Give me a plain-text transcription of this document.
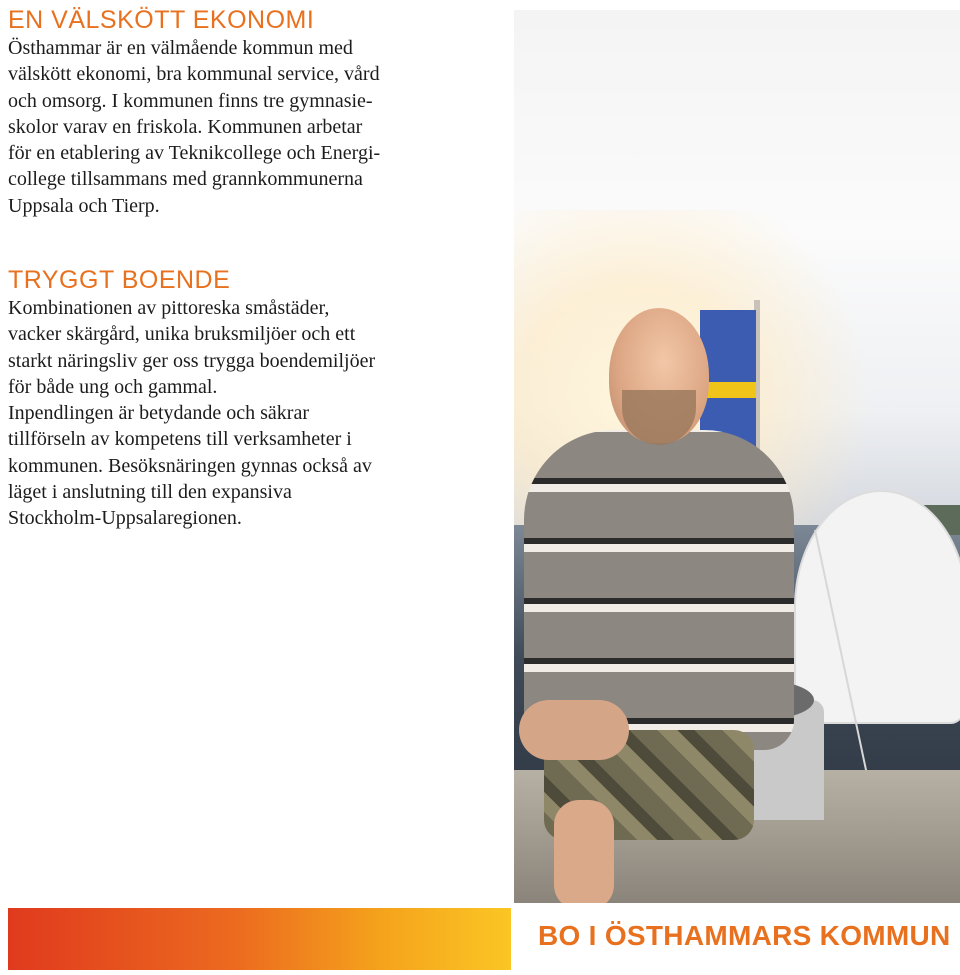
EN VÄLSKÖTT EKONOMI

Östhammar är en välmående kommun med
välskött ekonomi, bra kommunal service, vård
och omsorg. I kommunen finns tre gymnasie-
skolor varav en friskola. Kommunen arbetar
för en etablering av Teknikcollege och Energi-
college tillsammans med grannkommunerna
Uppsala och Tierp.

TRYGGT BOENDE

Kombinationen av pittoreska småstäder,
vacker skärgård, unika bruksmiljöer och ett
starkt näringsliv ger oss trygga boendemiljöer
för både ung och gammal.
Inpendlingen är betydande och säkrar
tillförseln av kompetens till verksamheter i
kommunen. Besöksnäringen gynnas också av
läget i anslutning till den expansiva
Stockholm-Uppsalaregionen.

BO I ÖSTHAMMARS KOMMUN
